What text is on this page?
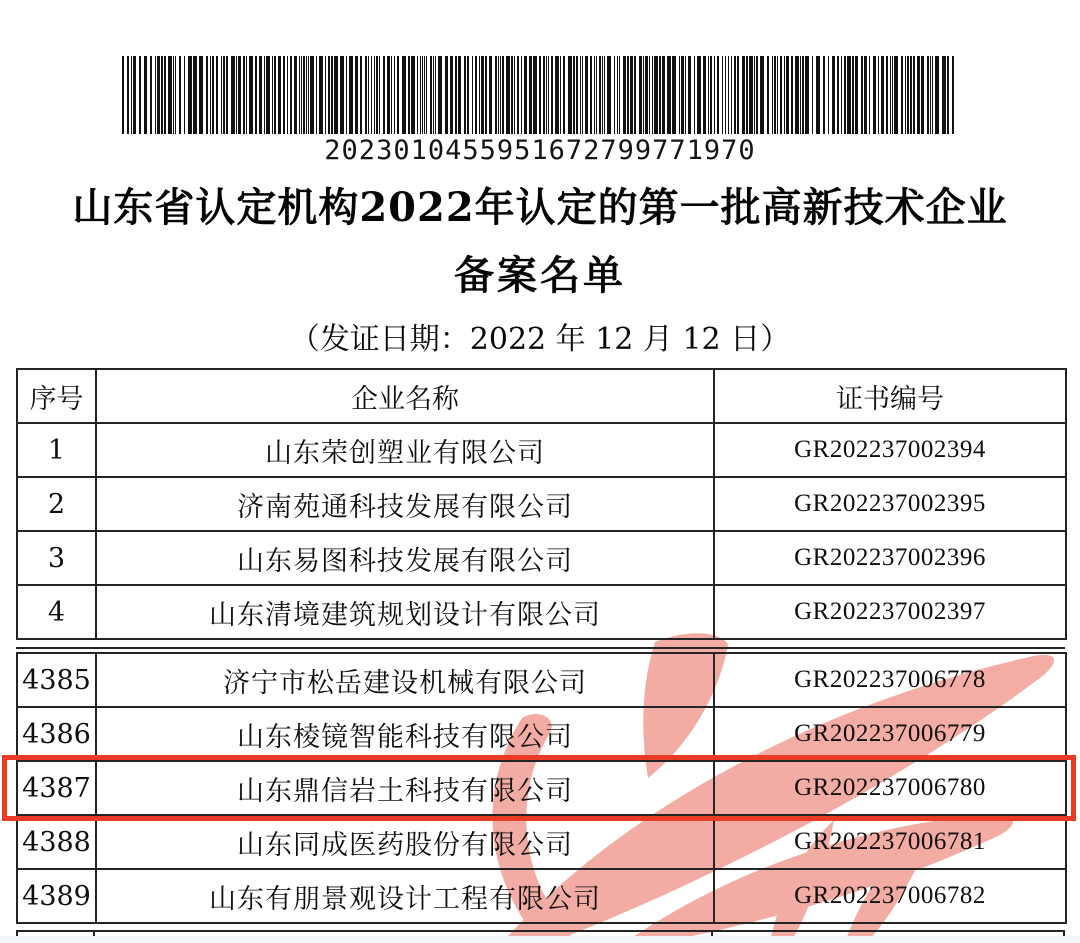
2023010455951672799771970
山东省认定机构2022年认定的第一批高新技术企业
备案名单
（发证日期：2022 年 12 月 12 日）
序号	企业名称	证书编号
1	山东荣创塑业有限公司	GR202237002394
2	济南苑通科技发展有限公司	GR202237002395
3	山东易图科技发展有限公司	GR202237002396
4	山东清境建筑规划设计有限公司	GR202237002397
4385	济宁市松岳建设机械有限公司	GR202237006778
4386	山东棱镜智能科技有限公司	GR202237006779
4387	山东鼎信岩土科技有限公司	GR202237006780
4388	山东同成医药股份有限公司	GR202237006781
4389	山东有朋景观设计工程有限公司	GR202237006782
